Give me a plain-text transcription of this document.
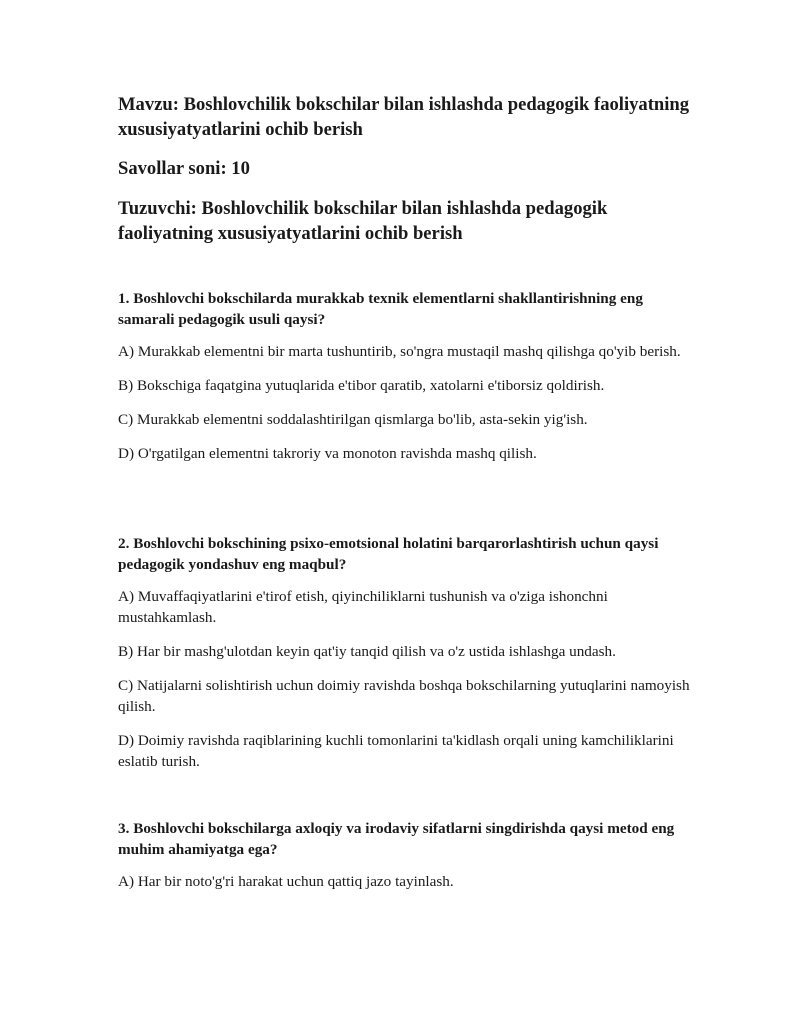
Mavzu: Boshlovchilik bokschilar bilan ishlashda pedagogik faoliyatning xususiyatyatlarini ochib berish

Savollar soni: 10

Tuzuvchi: Boshlovchilik bokschilar bilan ishlashda pedagogik faoliyatning xususiyatyatlarini ochib berish

1. Boshlovchi bokschilarda murakkab texnik elementlarni shakllantirishning eng samarali pedagogik usuli qaysi?

A) Murakkab elementni bir marta tushuntirib, so'ngra mustaqil mashq qilishga qo'yib berish.

B) Bokschiga faqatgina yutuqlarida e'tibor qaratib, xatolarni e'tiborsiz qoldirish.

C) Murakkab elementni soddalashtirilgan qismlarga bo'lib, asta-sekin yig'ish.

D) O'rgatilgan elementni takroriy va monoton ravishda mashq qilish.

2. Boshlovchi bokschining psixo-emotsional holatini barqarorlashtirish uchun qaysi pedagogik yondashuv eng maqbul?

A) Muvaffaqiyatlarini e'tirof etish, qiyinchiliklarni tushunish va o'ziga ishonchni mustahkamlash.

B) Har bir mashg'ulotdan keyin qat'iy tanqid qilish va o'z ustida ishlashga undash.

C) Natijalarni solishtirish uchun doimiy ravishda boshqa bokschilarning yutuqlarini namoyish qilish.

D) Doimiy ravishda raqiblarining kuchli tomonlarini ta'kidlash orqali uning kamchiliklarini eslatib turish.

3. Boshlovchi bokschilarga axloqiy va irodaviy sifatlarni singdirishda qaysi metod eng muhim ahamiyatga ega?

A) Har bir noto'g'ri harakat uchun qattiq jazo tayinlash.
